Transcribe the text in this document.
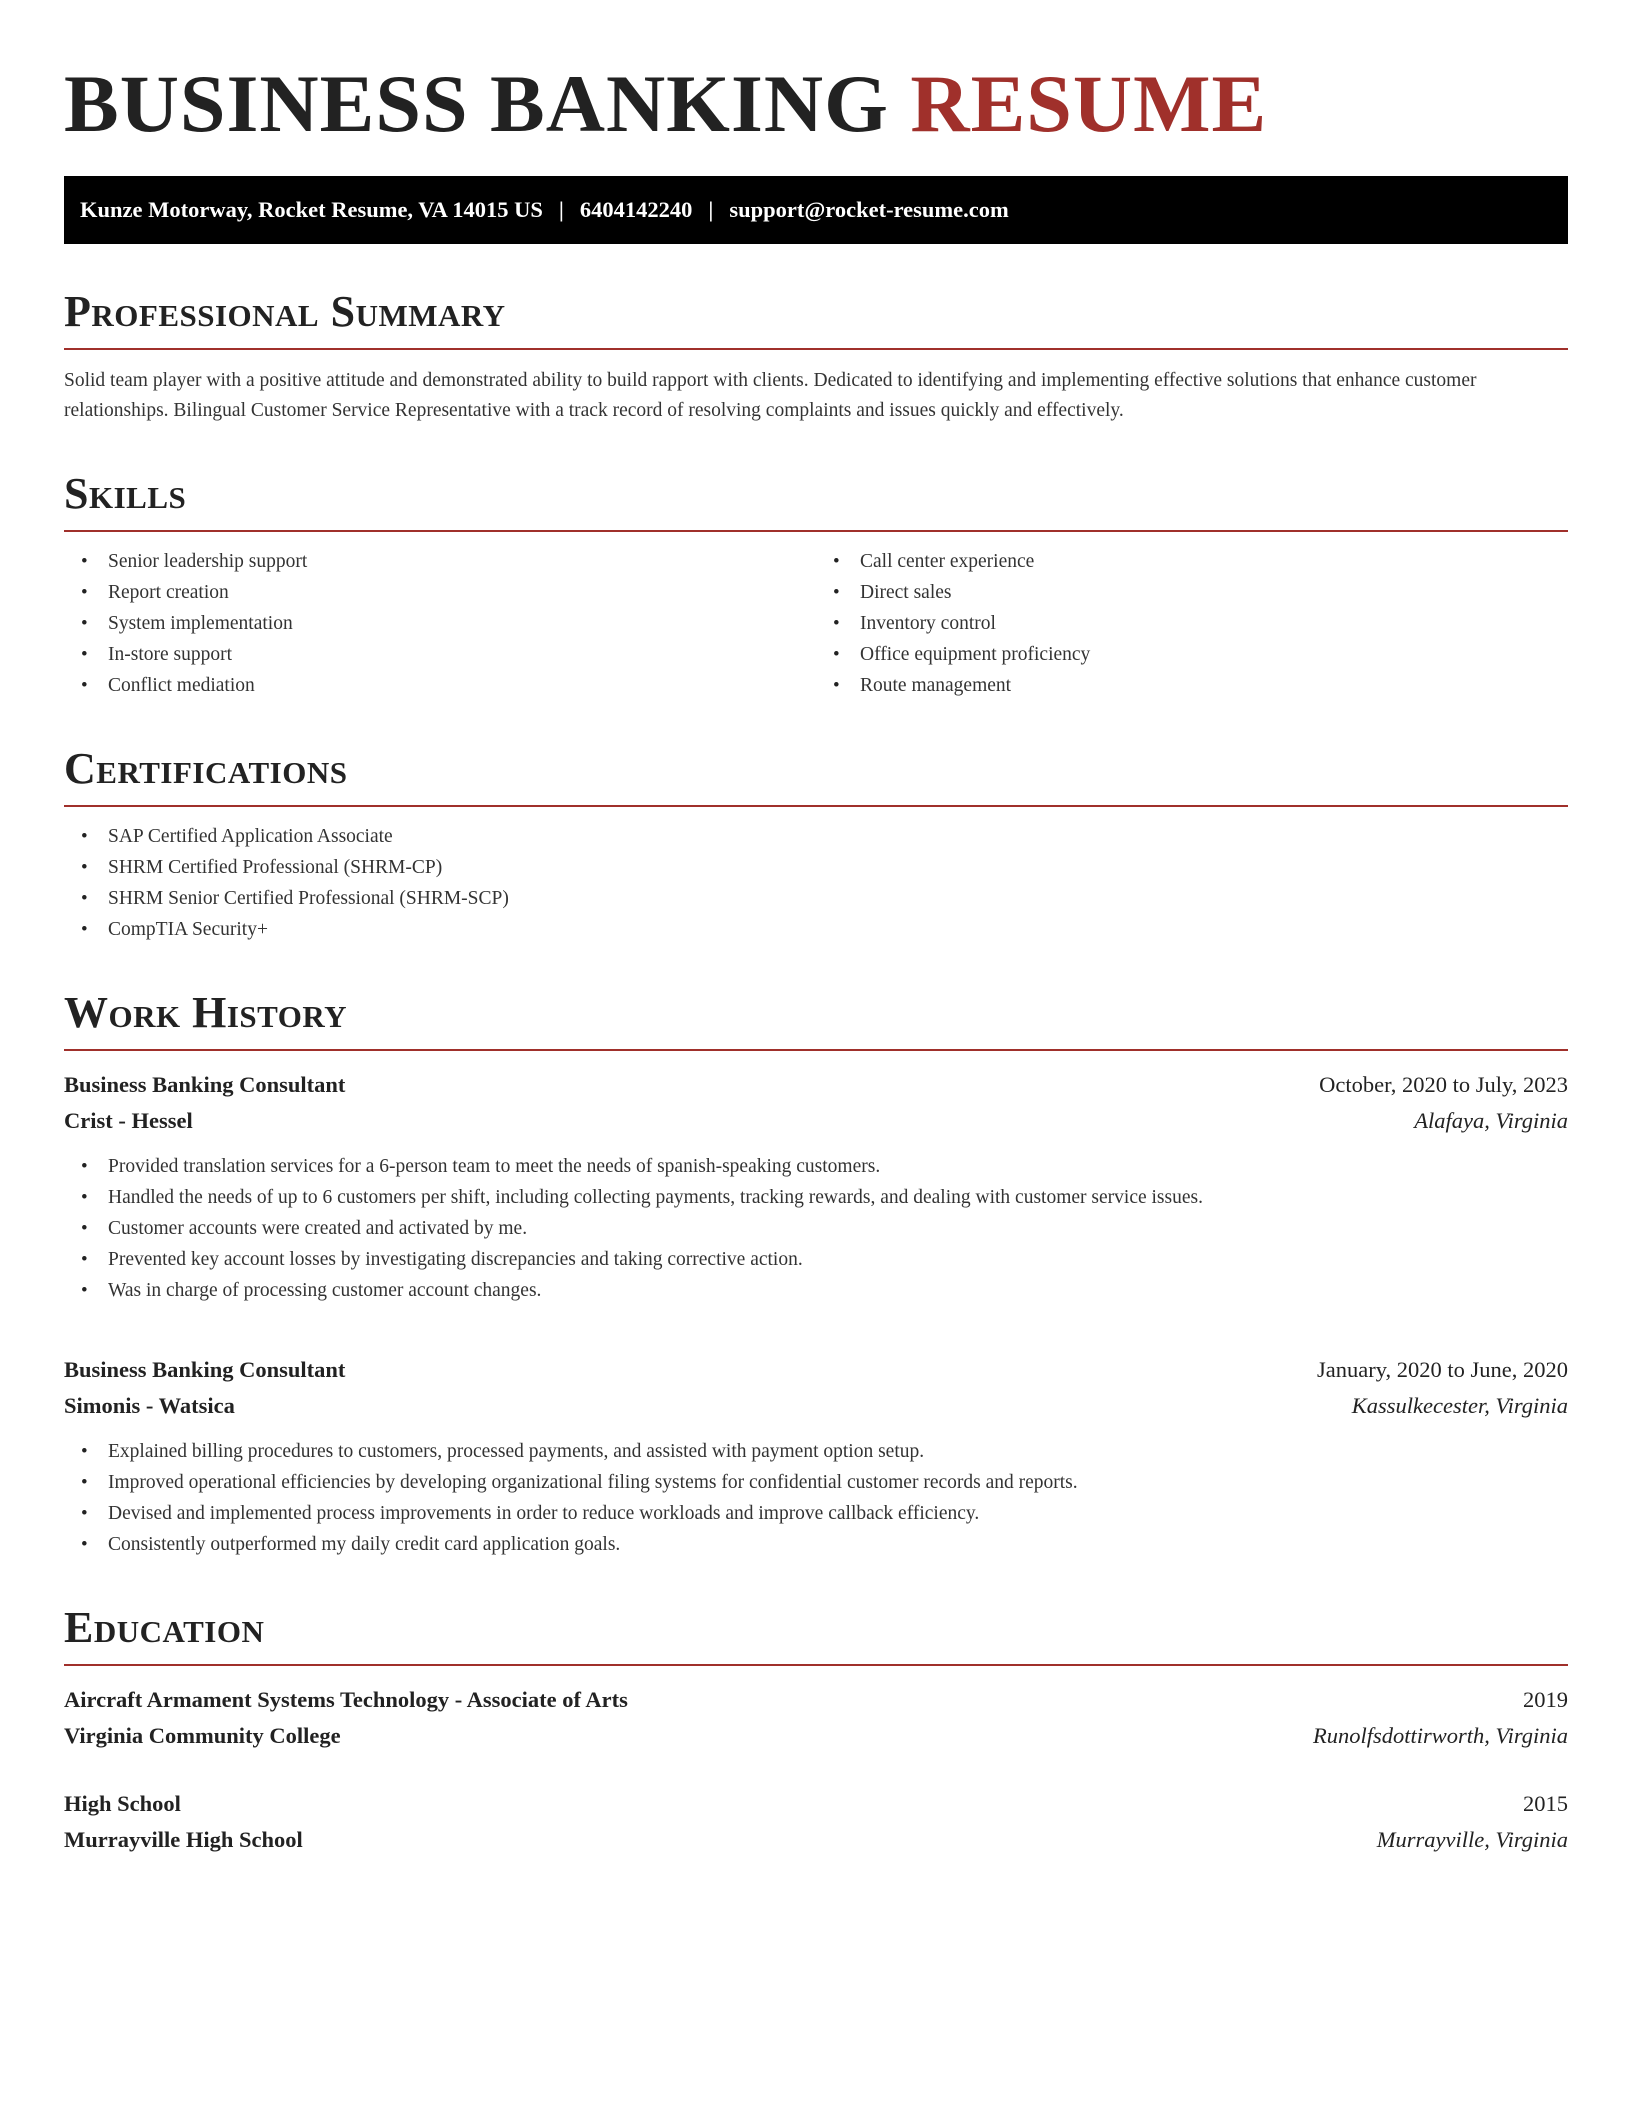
BUSINESS BANKING RESUME
Kunze Motorway, Rocket Resume, VA 14015 US | 6404142240 | support@rocket-resume.com
Professional Summary

Solid team player with a positive attitude and demonstrated ability to build rapport with clients. Dedicated to identifying and implementing effective solutions that enhance customer relationships. Bilingual Customer Service Representative with a track record of resolving complaints and issues quickly and effectively.

Skills
• Senior leadership support
• Report creation
• System implementation
• In-store support
• Conflict mediation
• Call center experience
• Direct sales
• Inventory control
• Office equipment proficiency
• Route management
Certifications
• SAP Certified Application Associate
• SHRM Certified Professional (SHRM-CP)
• SHRM Senior Certified Professional (SHRM-SCP)
• CompTIA Security+
Work History
Business Banking Consultant	October, 2020 to July, 2023
Crist - Hessel	Alafaya, Virginia
• Provided translation services for a 6-person team to meet the needs of spanish-speaking customers.
• Handled the needs of up to 6 customers per shift, including collecting payments, tracking rewards, and dealing with customer service issues.
• Customer accounts were created and activated by me.
• Prevented key account losses by investigating discrepancies and taking corrective action.
• Was in charge of processing customer account changes.
Business Banking Consultant	January, 2020 to June, 2020
Simonis - Watsica	Kassulkecester, Virginia
• Explained billing procedures to customers, processed payments, and assisted with payment option setup.
• Improved operational efficiencies by developing organizational filing systems for confidential customer records and reports.
• Devised and implemented process improvements in order to reduce workloads and improve callback efficiency.
• Consistently outperformed my daily credit card application goals.
Education
Aircraft Armament Systems Technology - Associate of Arts	2019
Virginia Community College	Runolfsdottirworth, Virginia
High School	2015
Murrayville High School	Murrayville, Virginia
